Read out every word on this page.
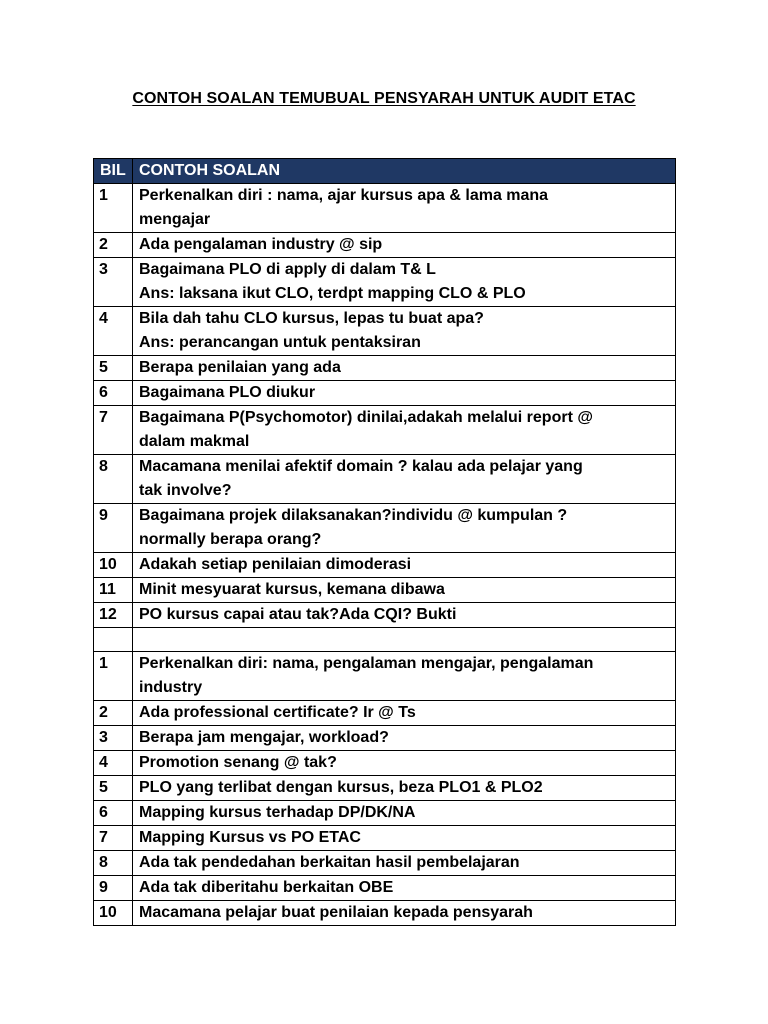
CONTOH SOALAN TEMUBUAL PENSYARAH UNTUK AUDIT ETAC
BIL	CONTOH SOALAN
1	Perkenalkan diri : nama, ajar kursus apa & lama mana
mengajar

2	Ada pengalaman industry @ sip

3	Bagaimana PLO di apply di dalam T& L
Ans: laksana ikut CLO, terdpt mapping CLO & PLO

4	Bila dah tahu CLO kursus, lepas tu buat apa?
Ans: perancangan untuk pentaksiran

5	Berapa penilaian yang ada

6	Bagaimana PLO diukur

7	Bagaimana P(Psychomotor) dinilai,adakah melalui report @
dalam makmal

8	Macamana menilai afektif domain ? kalau ada pelajar yang
tak involve?

9	Bagaimana projek dilaksanakan?individu @ kumpulan ?
normally berapa orang?

10	Adakah setiap penilaian dimoderasi

11	Minit mesyuarat kursus, kemana dibawa

12	PO kursus capai atau tak?Ada CQI? Bukti

1	Perkenalkan diri: nama, pengalaman mengajar, pengalaman
industry

2	Ada professional certificate? Ir @ Ts

3	Berapa jam mengajar, workload?

4	Promotion senang @ tak?

5	PLO yang terlibat dengan kursus, beza PLO1 & PLO2

6	Mapping kursus terhadap DP/DK/NA

7	Mapping Kursus vs PO ETAC

8	Ada tak pendedahan berkaitan hasil pembelajaran

9	Ada tak diberitahu berkaitan OBE

10	Macamana pelajar buat penilaian kepada pensyarah
